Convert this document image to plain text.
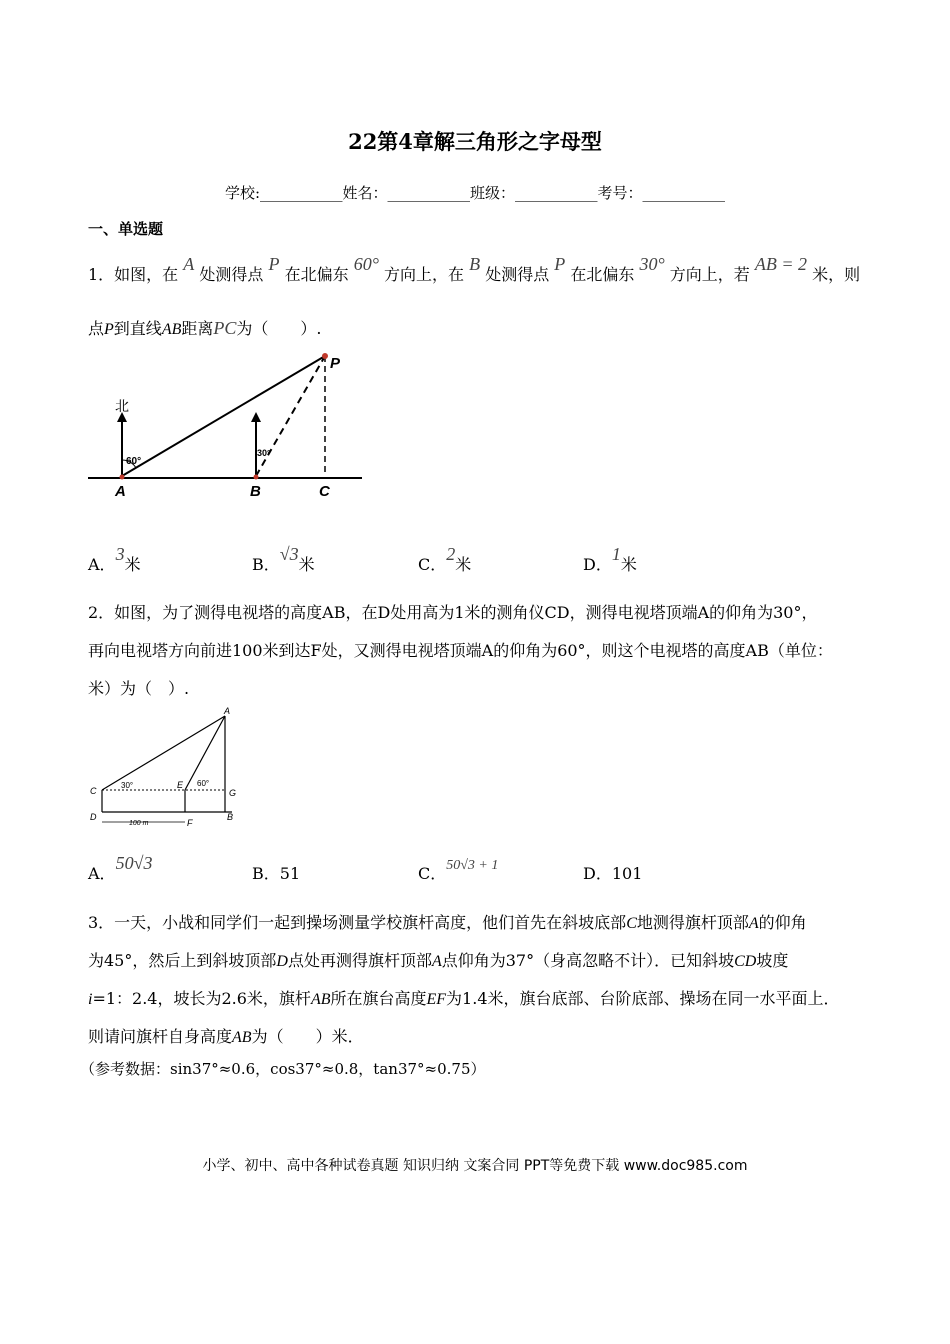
22第4章解三角形之字母型
学校:___________姓名：___________班级：___________考号：___________
一、单选题
1．如图，在 A 处测得点 P 在北偏东 60° 方向上，在 B 处测得点 P 在北偏东 30° 方向上，若 AB = 2 米，则
点P到直线AB距离PC为（　　）.
北
60°
30°
A	B	C
P
A．3米	B．√3米	C．2米	D．1米
2．如图，为了测得电视塔的高度AB，在D处用高为1米的测角仪CD，测得电视塔顶端A的仰角为30°，
再向电视塔方向前进100米到达F处，又测得电视塔顶端A的仰角为60°，则这个电视塔的高度AB（单位：
米）为（　）.
A
C
E
G
D
F
B
30°	60°
100 m
A．50√3
B．51	C．50√3 + 1	D．101
3．一天，小战和同学们一起到操场测量学校旗杆高度，他们首先在斜坡底部C地测得旗杆顶部A的仰角
为45°，然后上到斜坡顶部D点处再测得旗杆顶部A点仰角为37°（身高忽略不计）．已知斜坡CD坡度
i=1：2.4，坡长为2.6米，旗杆AB所在旗台高度EF为1.4米，旗台底部、台阶底部、操场在同一水平面上．
则请问旗杆自身高度AB为（　　）米．
（参考数据：sin37°≈0.6，cos37°≈0.8，tan37°≈0.75）
小学、初中、高中各种试卷真题 知识归纳 文案合同 PPT等免费下载 www.doc985.com
